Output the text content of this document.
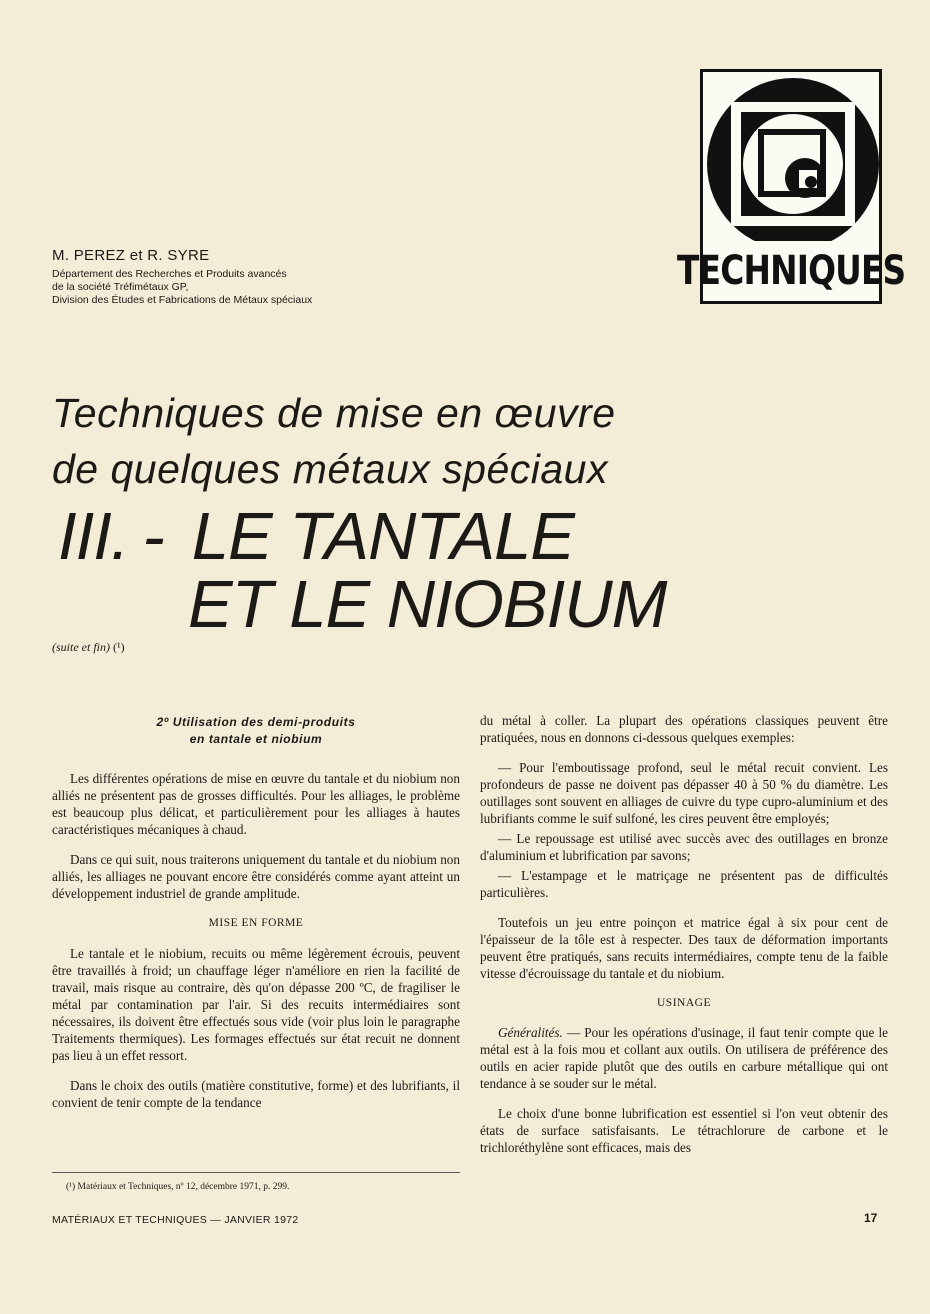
TECHNIQUES
M. PEREZ et R. SYRE
Département des Recherches et Produits avancés
de la société Tréfimétaux GP,
Division des Études et Fabrications de Métaux spéciaux
Techniques de mise en œuvre
de quelques métaux spéciaux
III. - LE TANTALE
ET LE NIOBIUM
(suite et fin) (¹)
2º Utilisation des demi-produits
en tantale et niobium

Les différentes opérations de mise en œuvre du tantale et du niobium non alliés ne présentent pas de grosses difficultés. Pour les alliages, le problème est beaucoup plus délicat, et particulièrement pour les alliages à hautes caractéristiques mécaniques à chaud.

Dans ce qui suit, nous traiterons uniquement du tantale et du niobium non alliés, les alliages ne pouvant encore être considérés comme ayant atteint un développement industriel de grande amplitude.

MISE EN FORME

Le tantale et le niobium, recuits ou même légèrement écrouis, peuvent être travaillés à froid; un chauffage léger n'améliore en rien la facilité de travail, mais risque au contraire, dès qu'on dépasse 200 ºC, de fragiliser le métal par contamination par l'air. Si des recuits intermédiaires sont nécessaires, ils doivent être effectués sous vide (voir plus loin le paragraphe Traitements thermiques). Les formages effectués sur état recuit ne donnent pas lieu à un effet ressort.

Dans le choix des outils (matière constitutive, forme) et des lubrifiants, il convient de tenir compte de la tendance

du métal à coller. La plupart des opérations classiques peuvent être pratiquées, nous en donnons ci-dessous quelques exemples:

— Pour l'emboutissage profond, seul le métal recuit convient. Les profondeurs de passe ne doivent pas dépasser 40 à 50 % du diamètre. Les outillages sont souvent en alliages de cuivre du type cupro-aluminium et des lubrifiants comme le suif sulfoné, les cires peuvent être employés;

— Le repoussage est utilisé avec succès avec des outillages en bronze d'aluminium et lubrification par savons;

— L'estampage et le matriçage ne présentent pas de difficultés particulières.

Toutefois un jeu entre poinçon et matrice égal à six pour cent de l'épaisseur de la tôle est à respecter. Des taux de déformation importants peuvent être pratiqués, sans recuits intermédiaires, compte tenu de la faible vitesse d'écrouissage du tantale et du niobium.

USINAGE

Généralités. — Pour les opérations d'usinage, il faut tenir compte que le métal est à la fois mou et collant aux outils. On utilisera de préférence des outils en acier rapide plutôt que des outils en carbure métallique qui ont tendance à se souder sur le métal.

Le choix d'une bonne lubrification est essentiel si l'on veut obtenir des états de surface satisfaisants. Le tétrachlorure de carbone et le trichloréthylène sont efficaces, mais des

(¹) Matériaux et Techniques, nº 12, décembre 1971, p. 299.
MATÉRIAUX ET TECHNIQUES — JANVIER 1972	17
